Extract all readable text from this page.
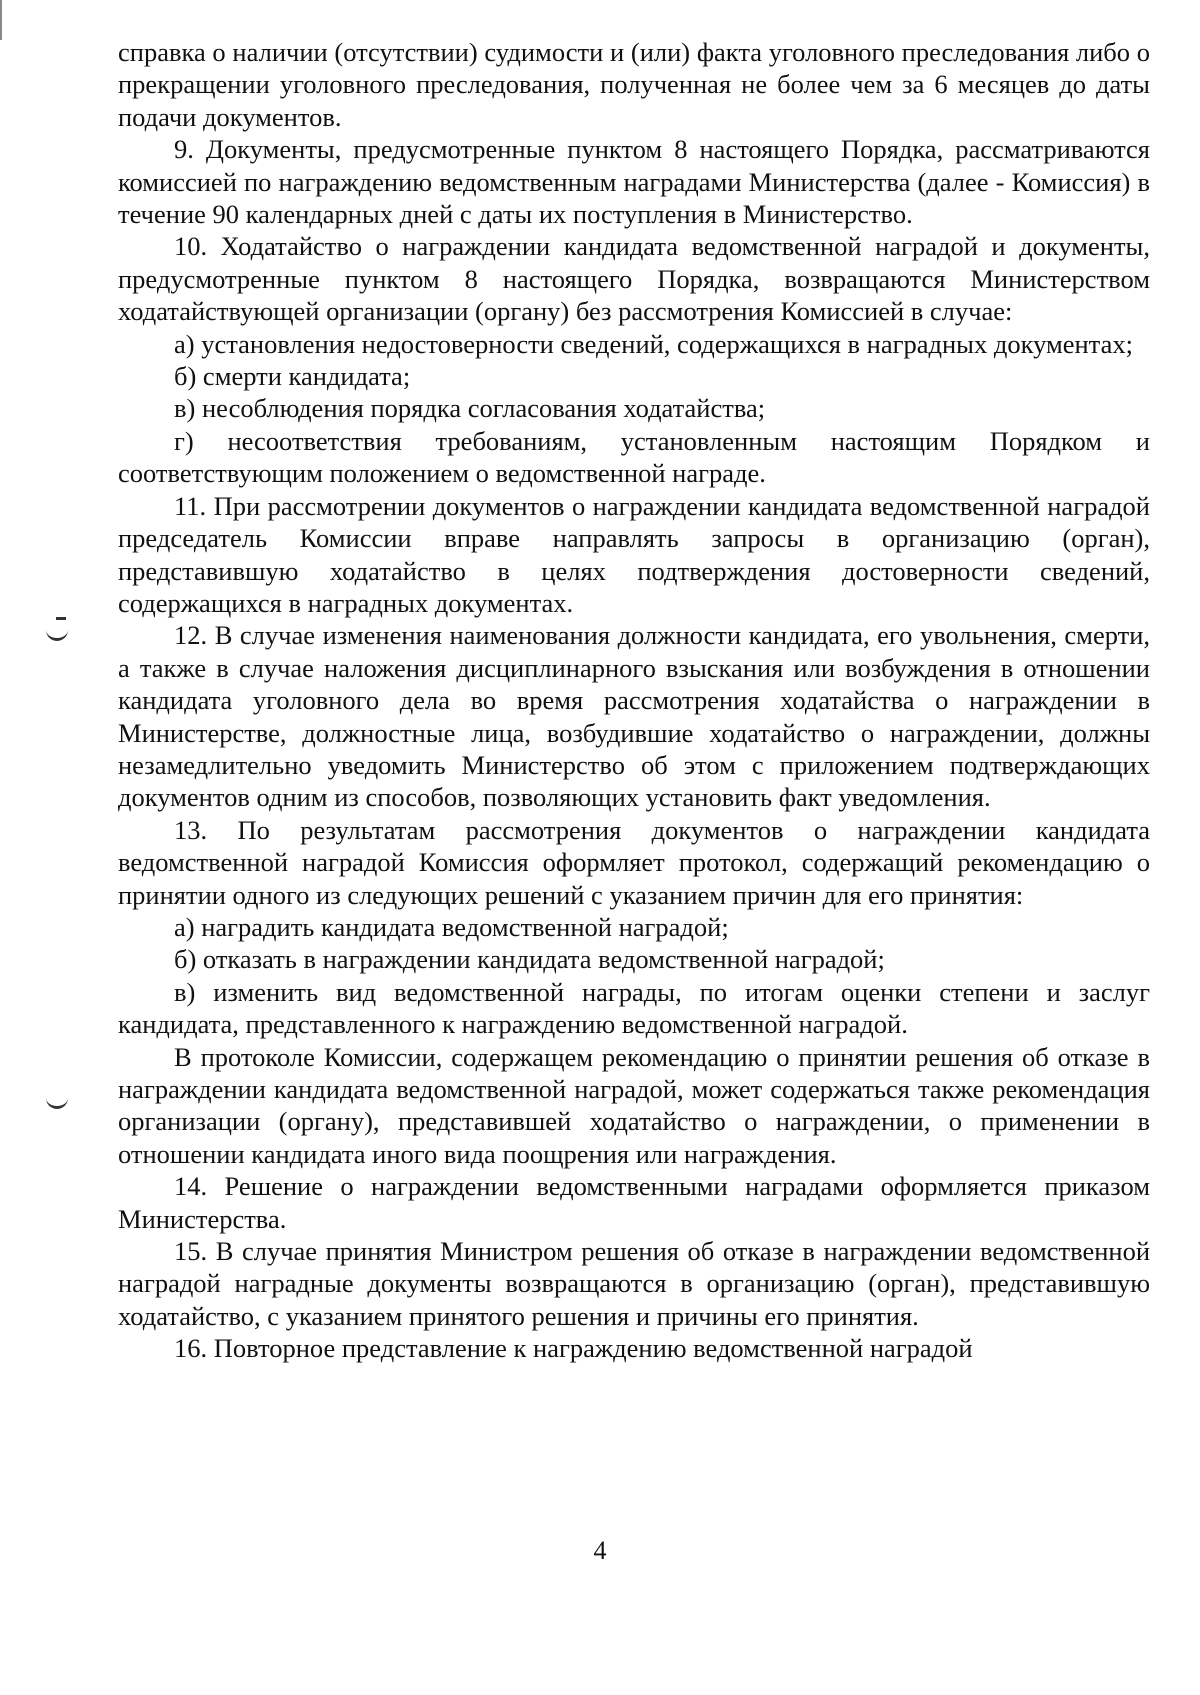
справка о наличии (отсутствии) судимости и (или) факта уголовного преследования либо о прекращении уголовного преследования, полученная не более чем за 6 месяцев до даты подачи документов.

9. Документы, предусмотренные пунктом 8 настоящего Порядка, рассматриваются комиссией по награждению ведомственным наградами Министерства (далее - Комиссия) в течение 90 календарных дней с даты их поступления в Министерство.

10. Ходатайство о награждении кандидата ведомственной наградой и документы, предусмотренные пунктом 8 настоящего Порядка, возвращаются Министерством ходатайствующей организации (органу) без рассмотрения Комиссией в случае:

а) установления недостоверности сведений, содержащихся в наградных документах;

б) смерти кандидата;

в) несоблюдения порядка согласования ходатайства;

г) несоответствия требованиям, установленным настоящим Порядком и соответствующим положением о ведомственной награде.

11. При рассмотрении документов о награждении кандидата ведомственной наградой председатель Комиссии вправе направлять запросы в организацию (орган), представившую ходатайство в целях подтверждения достоверности сведений, содержащихся в наградных документах.

12. В случае изменения наименования должности кандидата, его увольнения, смерти, а также в случае наложения дисциплинарного взыскания или возбуждения в отношении кандидата уголовного дела во время рассмотрения ходатайства о награждении в Министерстве, должностные лица, возбудившие ходатайство о награждении, должны незамедлительно уведомить Министерство об этом с приложением подтверждающих документов одним из способов, позволяющих установить факт уведомления.

13. По результатам рассмотрения документов о награждении кандидата ведомственной наградой Комиссия оформляет протокол, содержащий рекомендацию о принятии одного из следующих решений с указанием причин для его принятия:

а) наградить кандидата ведомственной наградой;

б) отказать в награждении кандидата ведомственной наградой;

в) изменить вид ведомственной награды, по итогам оценки степени и заслуг кандидата, представленного к награждению ведомственной наградой.

В протоколе Комиссии, содержащем рекомендацию о принятии решения об отказе в награждении кандидата ведомственной наградой, может содержаться также рекомендация организации (органу), представившей ходатайство о награждении, о применении в отношении кандидата иного вида поощрения или награждения.

14. Решение о награждении ведомственными наградами оформляется приказом Министерства.

15. В случае принятия Министром решения об отказе в награждении ведомственной наградой наградные документы возвращаются в организацию (орган), представившую ходатайство, с указанием принятого решения и причины его принятия.

16. Повторное представление к награждению ведомственной наградой

4
